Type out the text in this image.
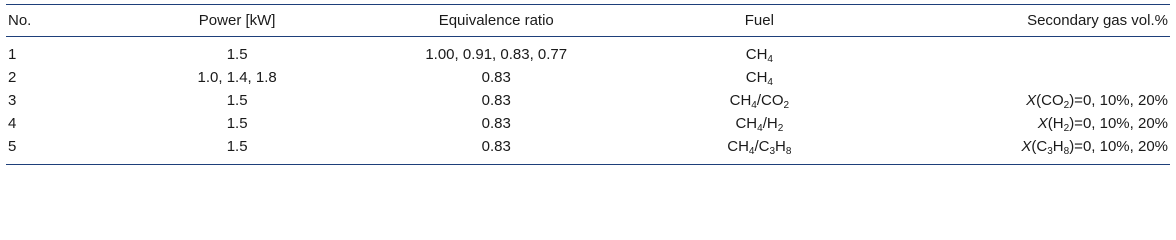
No.	Power [kW]	Equivalence ratio	Fuel	Secondary gas vol.%
1	1.5	1.00, 0.91, 0.83, 0.77	$CH_4$	
2	1.0, 1.4, 1.8	0.83	$CH_4$	
3	1.5	0.83	$CH_4/CO_2$	$X(CO_2)=0$, 10%, 20%
4	1.5	0.83	$CH_4/H_2$	$X(H_2)=0$, 10%, 20%
5	1.5	0.83	$CH_4/C_3H_8$	$X(C_3H_8)=0$, 10%, 20%
